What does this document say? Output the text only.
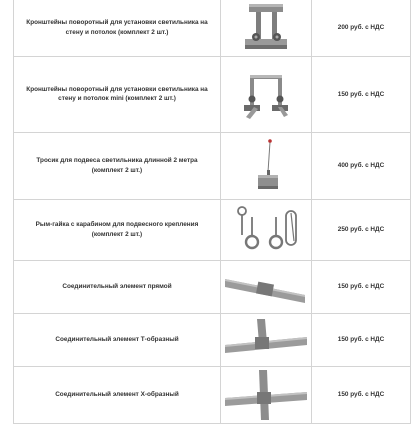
Кронштейны поворотный для установки светильника на стену и потолок (комплект 2 шт.)		200 руб. с НДС

Кронштейны поворотный для установки светильника на стену и потолок mini (комплект 2 шт.)		150 руб. с НДС

Тросик для подвеса светильника длинной 2 метра (комплект 2 шт.)		400 руб. с НДС

Рым-гайка с карабином для подвесного крепления (комплект 2 шт.)		250 руб. с НДС

Соединительный элемент прямой		150 руб. с НДС

Соединительный элемент Т-образный		150 руб. с НДС

Соединительный элемент Х-образный		150 руб. с НДС
